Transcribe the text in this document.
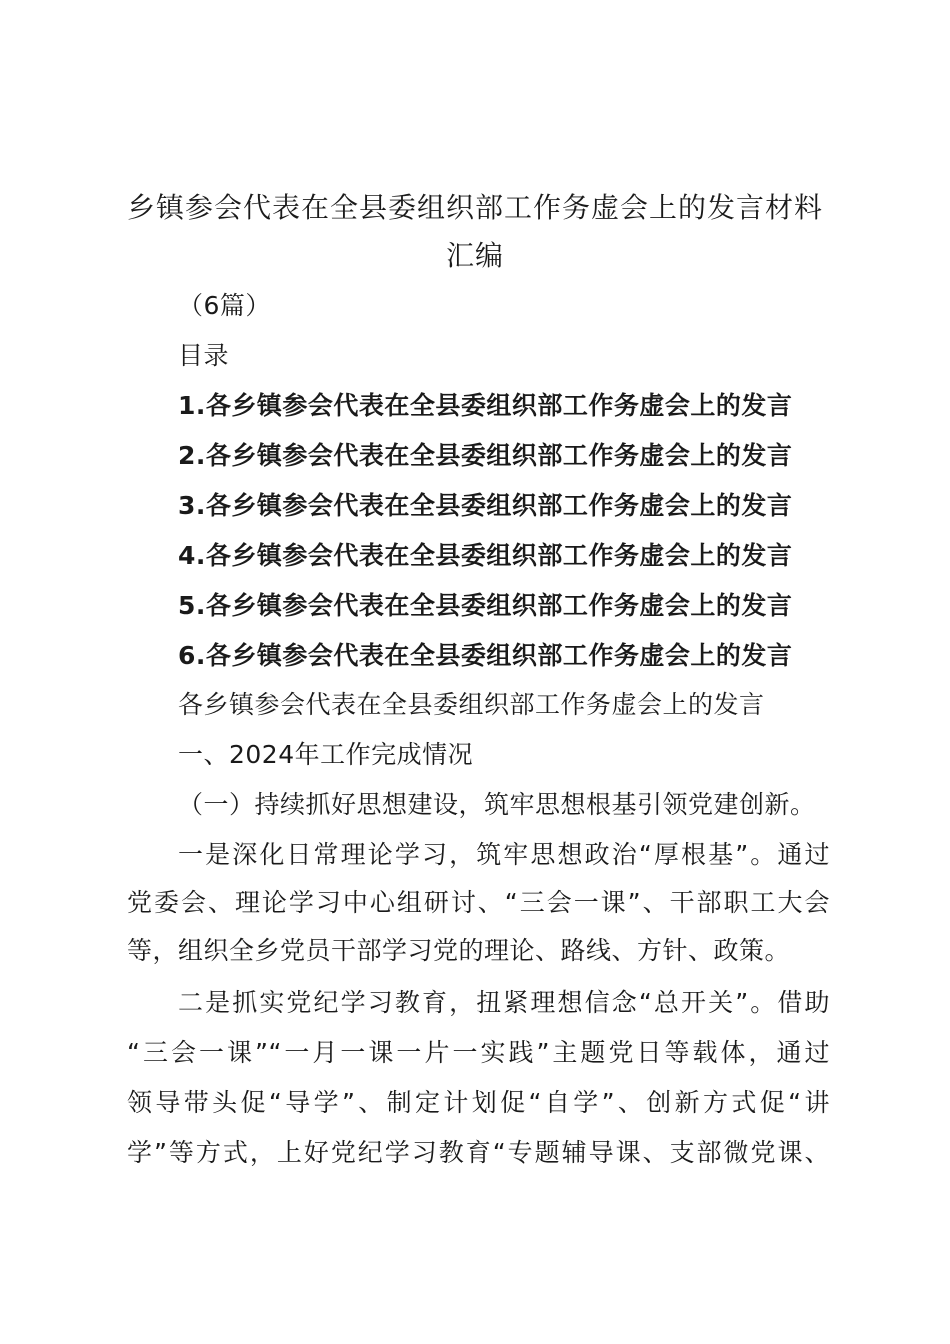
乡镇参会代表在全县委组织部工作务虚会上的发言材料
汇编
（6篇）
目录
1.各乡镇参会代表在全县委组织部工作务虚会上的发言
2.各乡镇参会代表在全县委组织部工作务虚会上的发言
3.各乡镇参会代表在全县委组织部工作务虚会上的发言
4.各乡镇参会代表在全县委组织部工作务虚会上的发言
5.各乡镇参会代表在全县委组织部工作务虚会上的发言
6.各乡镇参会代表在全县委组织部工作务虚会上的发言
各乡镇参会代表在全县委组织部工作务虚会上的发言
一、2024年工作完成情况
（一）持续抓好思想建设，筑牢思想根基引领党建创新。
一是深化日常理论学习，筑牢思想政治“厚根基”。通过
党委会、理论学习中心组研讨、“三会一课”、干部职工大会
等，组织全乡党员干部学习党的理论、路线、方针、政策。
二是抓实党纪学习教育，扭紧理想信念“总开关”。借助
“三会一课”“一月一课一片一实践”主题党日等载体，通过
领导带头促“导学”、制定计划促“自学”、创新方式促“讲
学”等方式，上好党纪学习教育“专题辅导课、支部微党课、
